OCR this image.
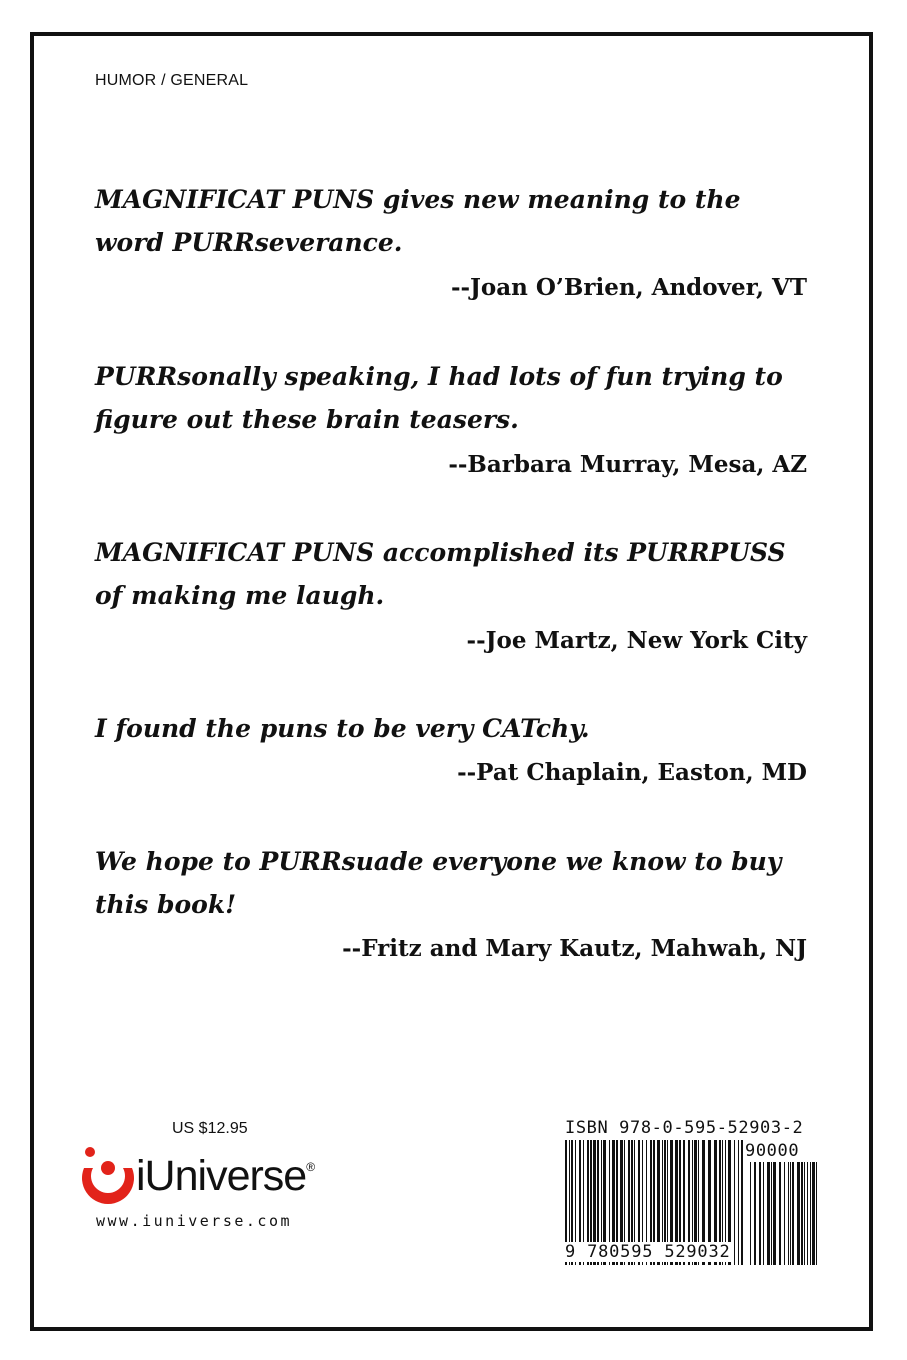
HUMOR / GENERAL
MAGNIFICAT PUNS gives new meaning to the
word PURRseverance.
--Joan O’Brien, Andover, VT
PURRsonally speaking, I had lots of fun trying to
figure out these brain teasers.
--Barbara Murray, Mesa, AZ
MAGNIFICAT PUNS accomplished its PURRPUSS
of making me laugh.
--Joe Martz, New York City
I found the puns to be very CATchy.
--Pat Chaplain, Easton, MD
We hope to PURRsuade everyone we know to buy
this book!
--Fritz and Mary Kautz, Mahwah, NJ
US $12.95
iUniverse®
www.iuniverse.com
ISBN 978-0-595-52903-2
90000
9 780595 529032
